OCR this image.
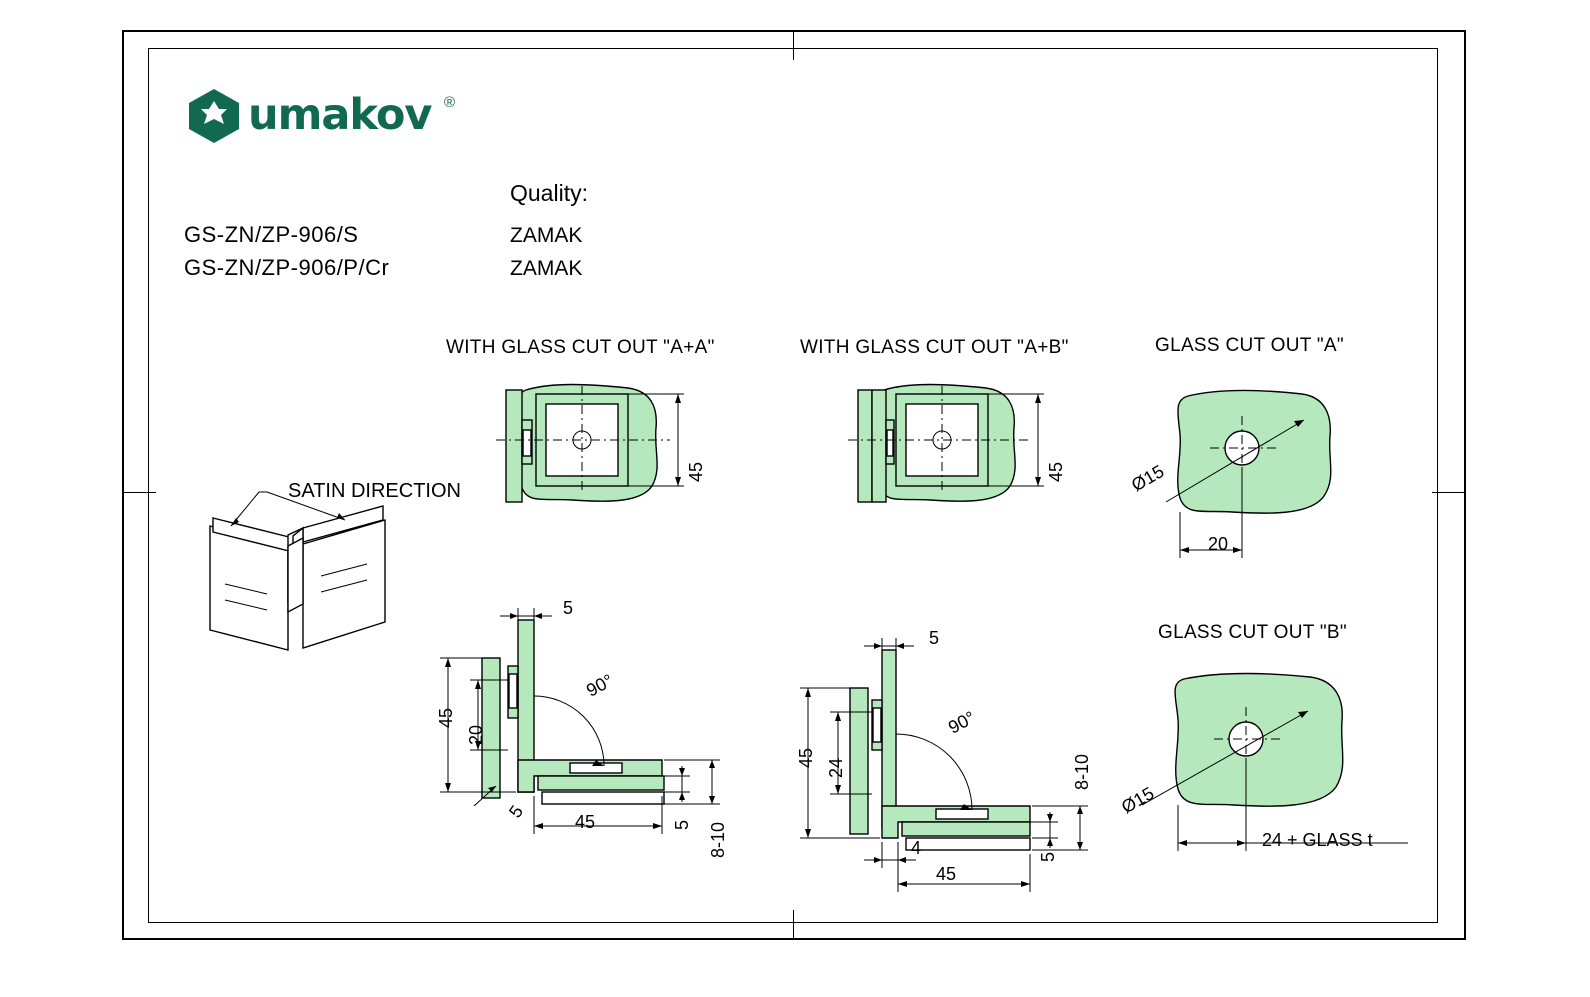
umakov ®
GS-ZN/ZP-906/S
GS-ZN/ZP-906/P/Cr
Quality:
ZAMAK
ZAMAK
WITH GLASS CUT OUT "A+A"	WITH GLASS CUT OUT "A+B"	GLASS CUT OUT "A"
GLASS CUT OUT "B"
SATIN DIRECTION
45	45	Ø15
20
Ø15
24 + GLASS t
5
45
20
90°
45
5
5 8-10
5
45 24
90°
45
4	5
8-10
